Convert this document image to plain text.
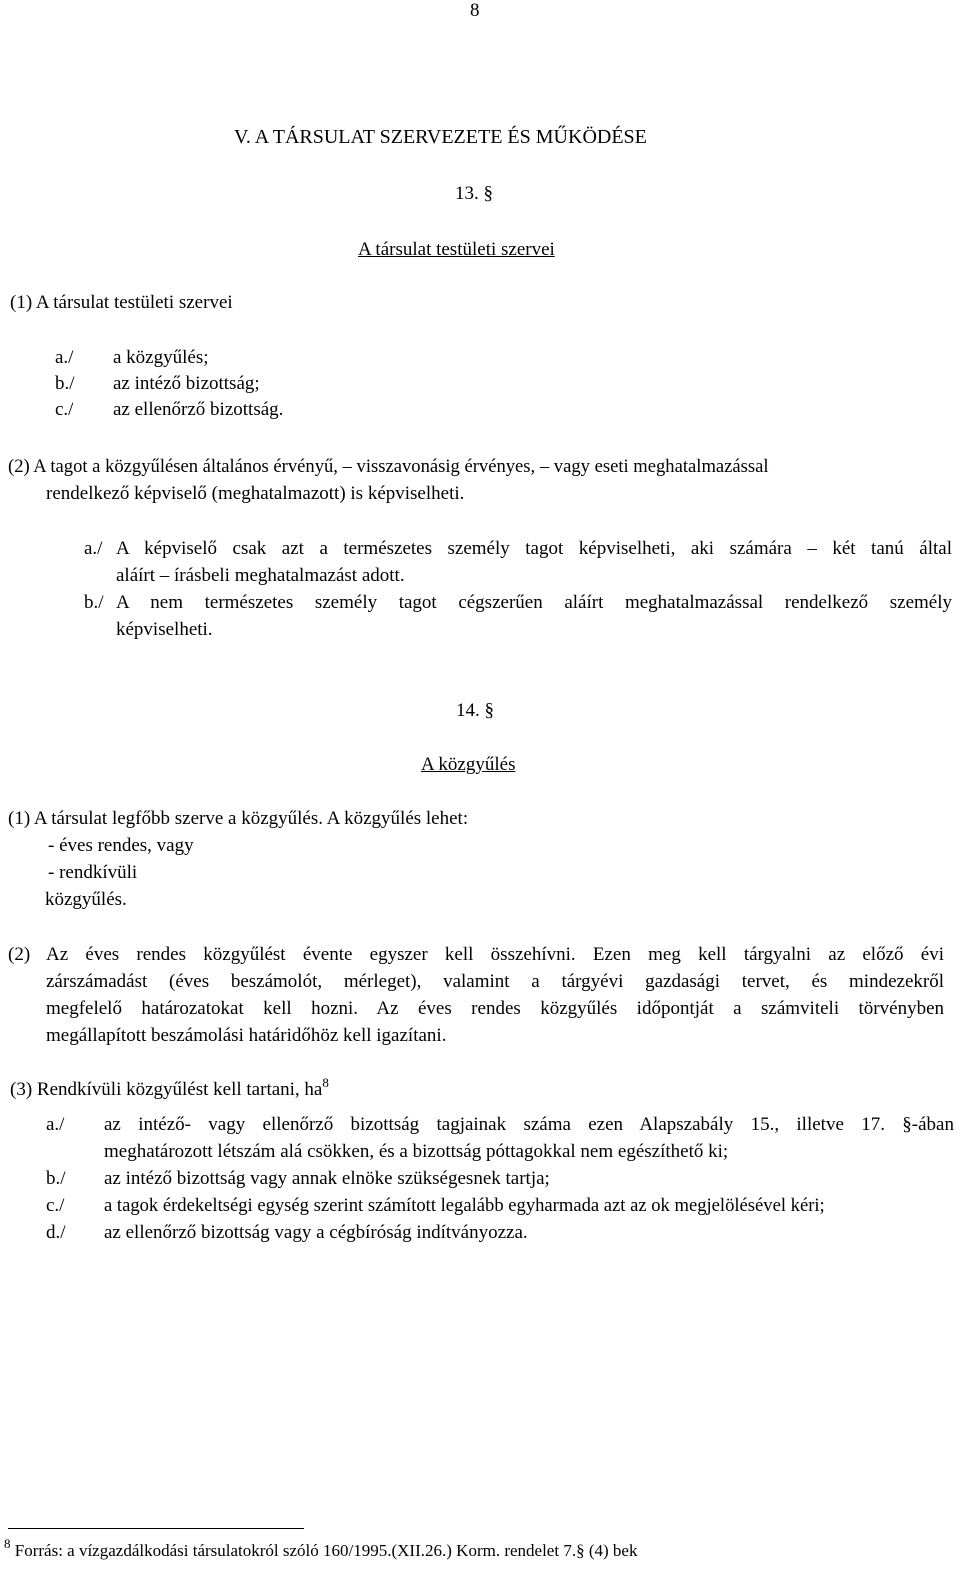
8
V. A TÁRSULAT SZERVEZETE ÉS MŰKÖDÉSE
13. §
A társulat testületi szervei
(1) A társulat testületi szervei
a./ a közgyűlés;
b./ az intéző bizottság;
c./ az ellenőrző bizottság.
(2) A tagot a közgyűlésen általános érvényű, – visszavonásig érvényes, – vagy eseti meghatalmazással
rendelkező képviselő (meghatalmazott) is képviselheti.
a./ A képviselő csak azt a természetes személy tagot képviselheti, aki számára – két tanú által
aláírt – írásbeli meghatalmazást adott.
b./ A nem természetes személy tagot cégszerűen aláírt meghatalmazással rendelkező személy
képviselheti.
14. §
A közgyűlés
(1) A társulat legfőbb szerve a közgyűlés. A közgyűlés lehet:
- éves rendes, vagy
- rendkívüli
közgyűlés.
(2) Az éves rendes közgyűlést évente egyszer kell összehívni. Ezen meg kell tárgyalni az előző évi
zárszámadást (éves beszámolót, mérleget), valamint a tárgyévi gazdasági tervet, és mindezekről
megfelelő határozatokat kell hozni. Az éves rendes közgyűlés időpontját a számviteli törvényben
megállapított beszámolási határidőhöz kell igazítani.
(3) Rendkívüli közgyűlést kell tartani, $ha^8$
a./ az intéző- vagy ellenőrző bizottság tagjainak száma ezen Alapszabály 15., illetve 17. §-ában
meghatározott létszám alá csökken, és a bizottság póttagokkal nem egészíthető ki;
b./ az intéző bizottság vagy annak elnöke szükségesnek tartja;
c./ a tagok érdekeltségi egység szerint számított legalább egyharmada azt az ok megjelölésével kéri;
d./ az ellenőrző bizottság vagy a cégbíróság indítványozza.
$^8$ Forrás: a vízgazdálkodási társulatokról szóló 160/1995.(XII.26.) Korm. rendelet 7.§ (4) bek
